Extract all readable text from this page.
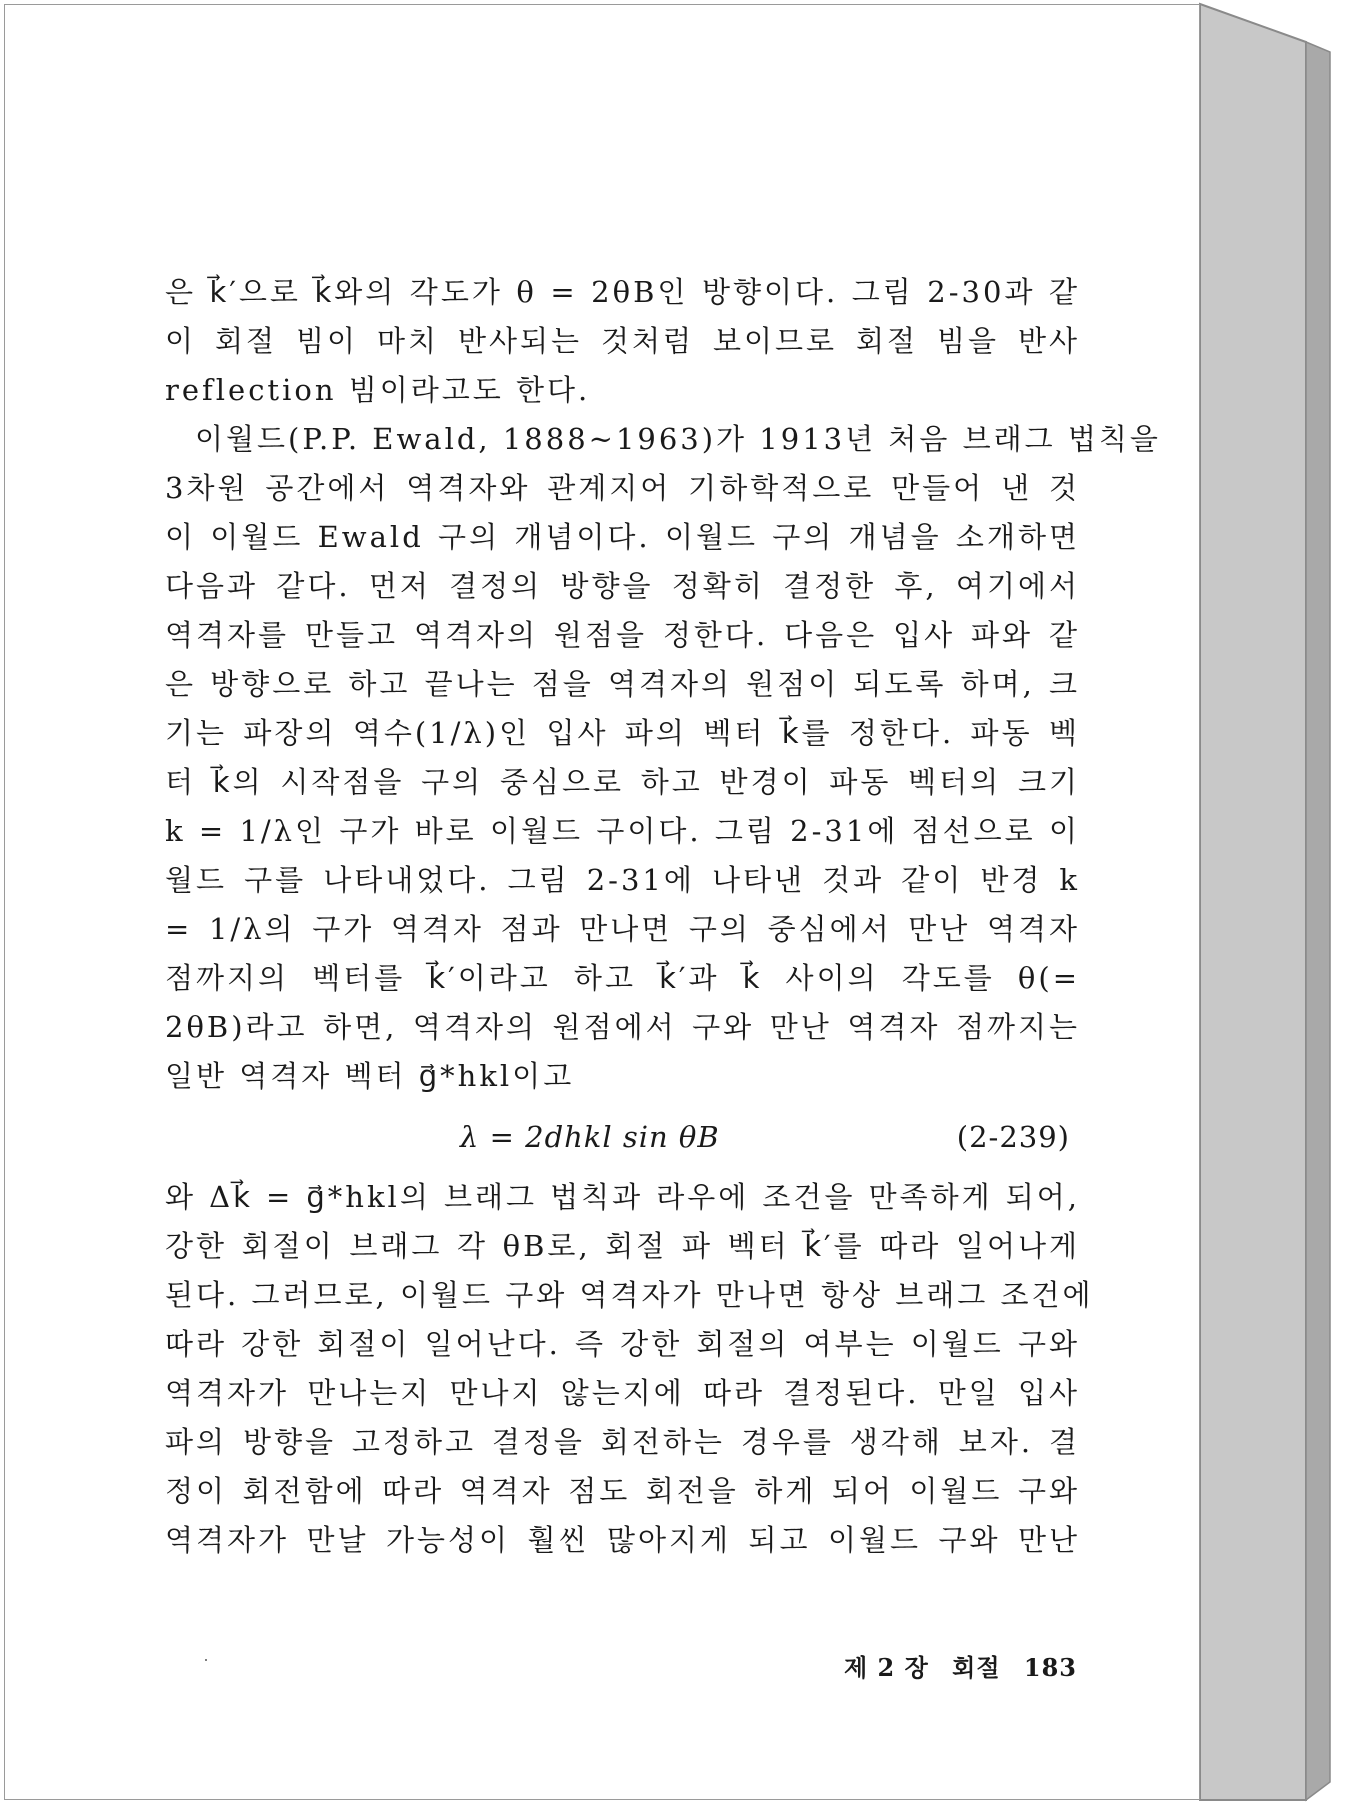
은 k⃗′으로 k⃗와의 각도가 θ = 2θB인 방향이다. 그림 2-30과 같
이 회절 빔이 마치 반사되는 것처럼 보이므로 회절 빔을 반사
reflection 빔이라고도 한다.
이월드(P.P. Ewald, 1888~1963)가 1913년 처음 브래그 법칙을
3차원 공간에서 역격자와 관계지어 기하학적으로 만들어 낸 것
이 이월드 Ewald 구의 개념이다. 이월드 구의 개념을 소개하면
다음과 같다. 먼저 결정의 방향을 정확히 결정한 후, 여기에서
역격자를 만들고 역격자의 원점을 정한다. 다음은 입사 파와 같
은 방향으로 하고 끝나는 점을 역격자의 원점이 되도록 하며, 크
기는 파장의 역수(1/λ)인 입사 파의 벡터 k⃗를 정한다. 파동 벡
터 k⃗의 시작점을 구의 중심으로 하고 반경이 파동 벡터의 크기
k = 1/λ인 구가 바로 이월드 구이다. 그림 2-31에 점선으로 이
월드 구를 나타내었다. 그림 2-31에 나타낸 것과 같이 반경 k
= 1/λ의 구가 역격자 점과 만나면 구의 중심에서 만난 역격자
점까지의 벡터를 k⃗′이라고 하고 k⃗′과 k⃗ 사이의 각도를 θ(=
2θB)라고 하면, 역격자의 원점에서 구와 만난 역격자 점까지는
일반 역격자 벡터 g⃗*hkl이고
λ = 2dhkl sin θB	(2-239)
와 Δk⃗ = g⃗*hkl의 브래그 법칙과 라우에 조건을 만족하게 되어,
강한 회절이 브래그 각 θB로, 회절 파 벡터 k⃗′를 따라 일어나게
된다. 그러므로, 이월드 구와 역격자가 만나면 항상 브래그 조건에
따라 강한 회절이 일어난다. 즉 강한 회절의 여부는 이월드 구와
역격자가 만나는지 만나지 않는지에 따라 결정된다. 만일 입사
파의 방향을 고정하고 결정을 회전하는 경우를 생각해 보자. 결
정이 회전함에 따라 역격자 점도 회전을 하게 되어 이월드 구와
역격자가 만날 가능성이 훨씬 많아지게 되고 이월드 구와 만난
제 2 장 회절 183
